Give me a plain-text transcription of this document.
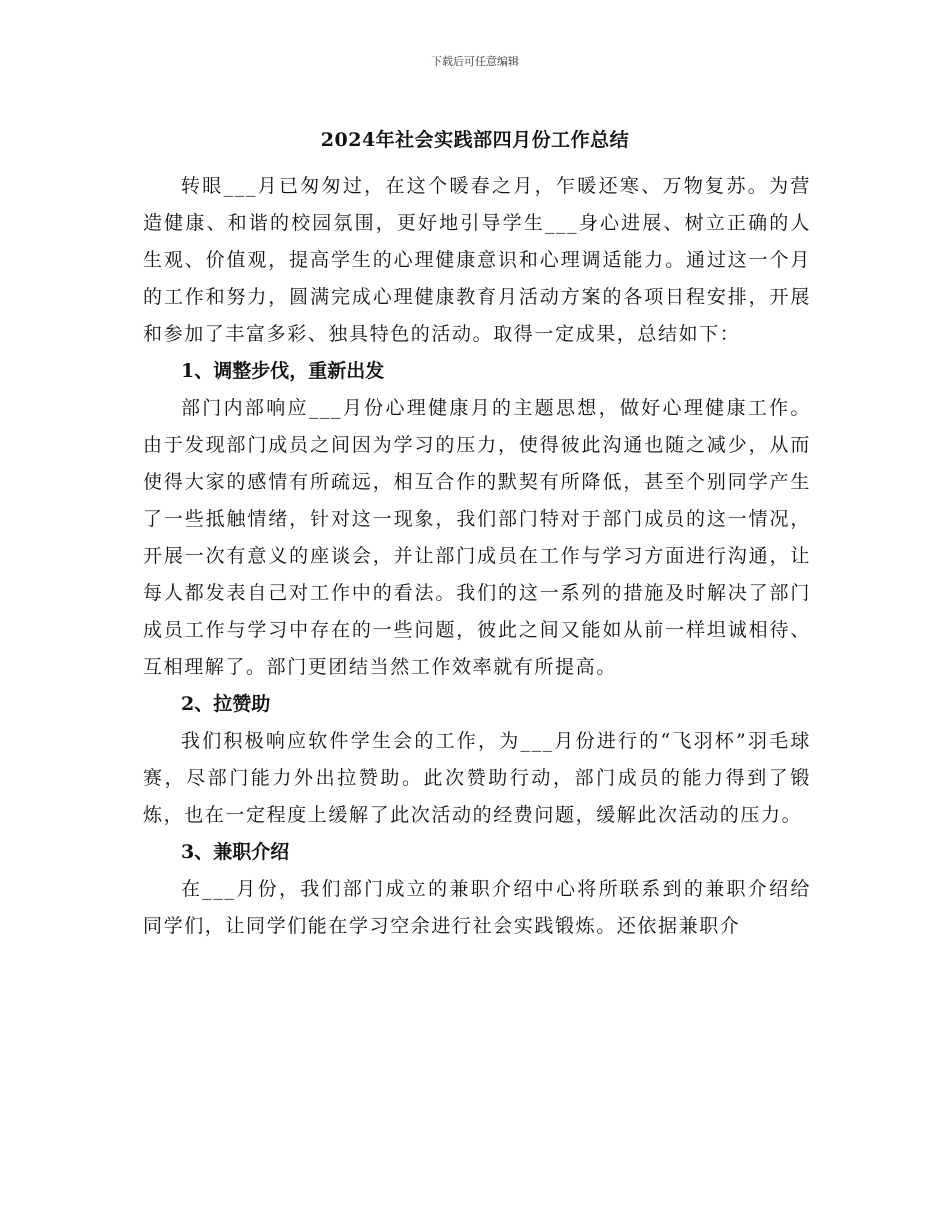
下载后可任意编辑
2024年社会实践部四月份工作总结

转眼___月已匆匆过，在这个暖春之月，乍暖还寒、万物复苏。为营造健康、和谐的校园氛围，更好地引导学生___身心进展、树立正确的人生观、价值观，提高学生的心理健康意识和心理调适能力。通过这一个月的工作和努力，圆满完成心理健康教育月活动方案的各项日程安排，开展和参加了丰富多彩、独具特色的活动。取得一定成果，总结如下：

1、调整步伐，重新出发

部门内部响应___月份心理健康月的主题思想，做好心理健康工作。由于发现部门成员之间因为学习的压力，使得彼此沟通也随之减少，从而使得大家的感情有所疏远，相互合作的默契有所降低，甚至个别同学产生了一些抵触情绪，针对这一现象，我们部门特对于部门成员的这一情况，开展一次有意义的座谈会，并让部门成员在工作与学习方面进行沟通，让每人都发表自己对工作中的看法。我们的这一系列的措施及时解决了部门成员工作与学习中存在的一些问题，彼此之间又能如从前一样坦诚相待、互相理解了。部门更团结当然工作效率就有所提高。

2、拉赞助

我们积极响应软件学生会的工作，为___月份进行的“飞羽杯”羽毛球赛，尽部门能力外出拉赞助。此次赞助行动，部门成员的能力得到了锻炼，也在一定程度上缓解了此次活动的经费问题，缓解此次活动的压力。

3、兼职介绍

在___月份，我们部门成立的兼职介绍中心将所联系到的兼职介绍给同学们，让同学们能在学习空余进行社会实践锻炼。还依据兼职介
